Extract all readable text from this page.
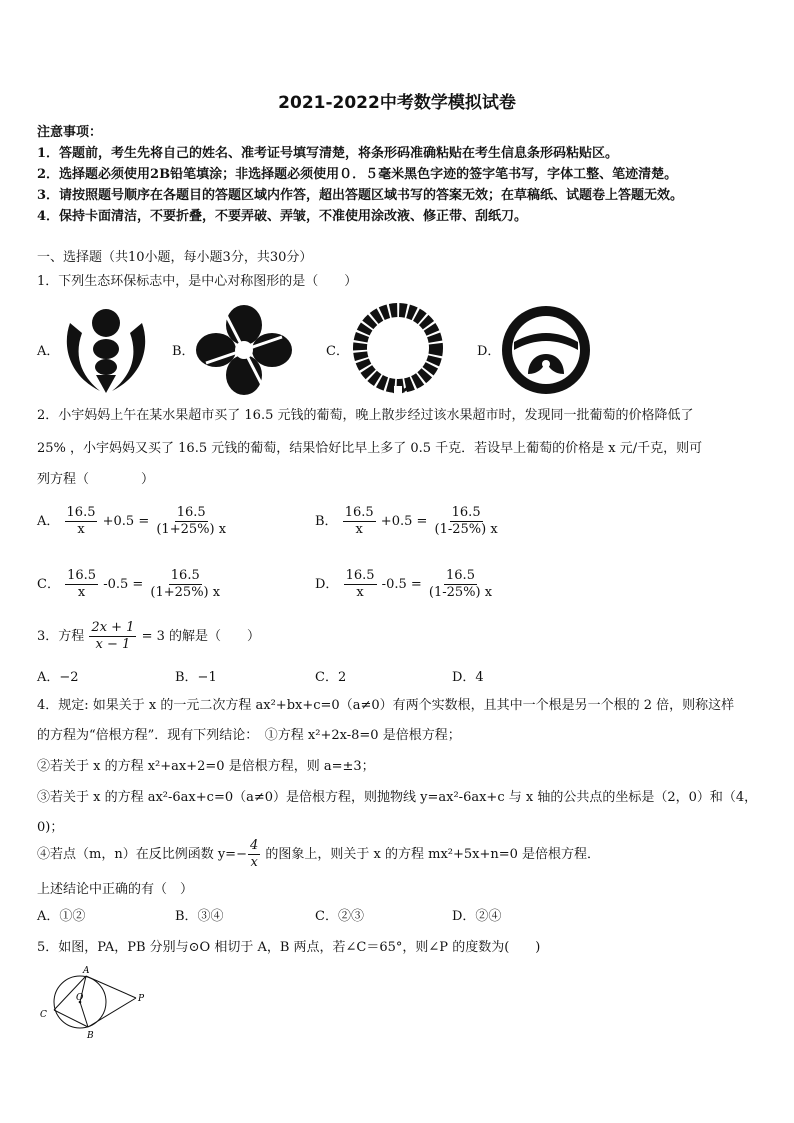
2021-2022中考数学模拟试卷
注意事项：
1．答题前，考生先将自己的姓名、准考证号填写清楚，将条形码准确粘贴在考生信息条形码粘贴区。
2．选择题必须使用2B铅笔填涂；非选择题必须使用０．５毫米黑色字迹的签字笔书写，字体工整、笔迹清楚。
3．请按照题号顺序在各题目的答题区域内作答，超出答题区域书写的答案无效；在草稿纸、试题卷上答题无效。
4．保持卡面清洁，不要折叠，不要弄破、弄皱，不准使用涂改液、修正带、刮纸刀。
一、选择题（共10小题，每小题3分，共30分）
1．下列生态环保标志中，是中心对称图形的是（　　）
A．	B．	C．	D．
2．小宇妈妈上午在某水果超市买了 16.5 元钱的葡萄，晚上散步经过该水果超市时，发现同一批葡萄的价格降低了
25% ，小宇妈妈又买了 16.5 元钱的葡萄，结果恰好比早上多了 0.5 千克．若设早上葡萄的价格是 x 元/千克，则可
列方程（　　　　）
A． $\frac{16.5}{x} +0.5 = \frac{16.5}{(1+25\%) x}$	B． $\frac{16.5}{x} +0.5 = \frac{16.5}{(1-25\%) x}$
C． $\frac{16.5}{x} -0.5 = \frac{16.5}{(1+25\%) x}$	D． $\frac{16.5}{x} -0.5 = \frac{16.5}{(1-25\%) x}$
3．方程 $\frac{2x + 1}{x - 1} = 3$ 的解是（　　）
A．−2	B．−1	C．2	D．4
4．规定: 如果关于 x 的一元二次方程 ax²+bx+c=0（a≠0）有两个实数根，且其中一个根是另一个根的 2 倍，则称这样
的方程为“倍根方程”．现有下列结论：　①方程 x²+2x-8=0 是倍根方程；
②若关于 x 的方程 x²+ax+2=0 是倍根方程，则 a=±3；
③若关于 x 的方程 ax²-6ax+c=0（a≠0）是倍根方程，则抛物线 y=ax²-6ax+c 与 x 轴的公共点的坐标是（2，0）和（4，
0)；
④若点（m，n）在反比例函数 $y=- \frac{4}{x}$ 的图象上，则关于 x 的方程 mx²+5x+n=0 是倍根方程．
上述结论中正确的有（　）
A．①②	B．③④	C．②③	D．②④
5．如图，PA，PB 分别与⊙O 相切于 A，B 两点，若∠C＝65°，则∠P 的度数为(　　)
A
B
C
O	P
